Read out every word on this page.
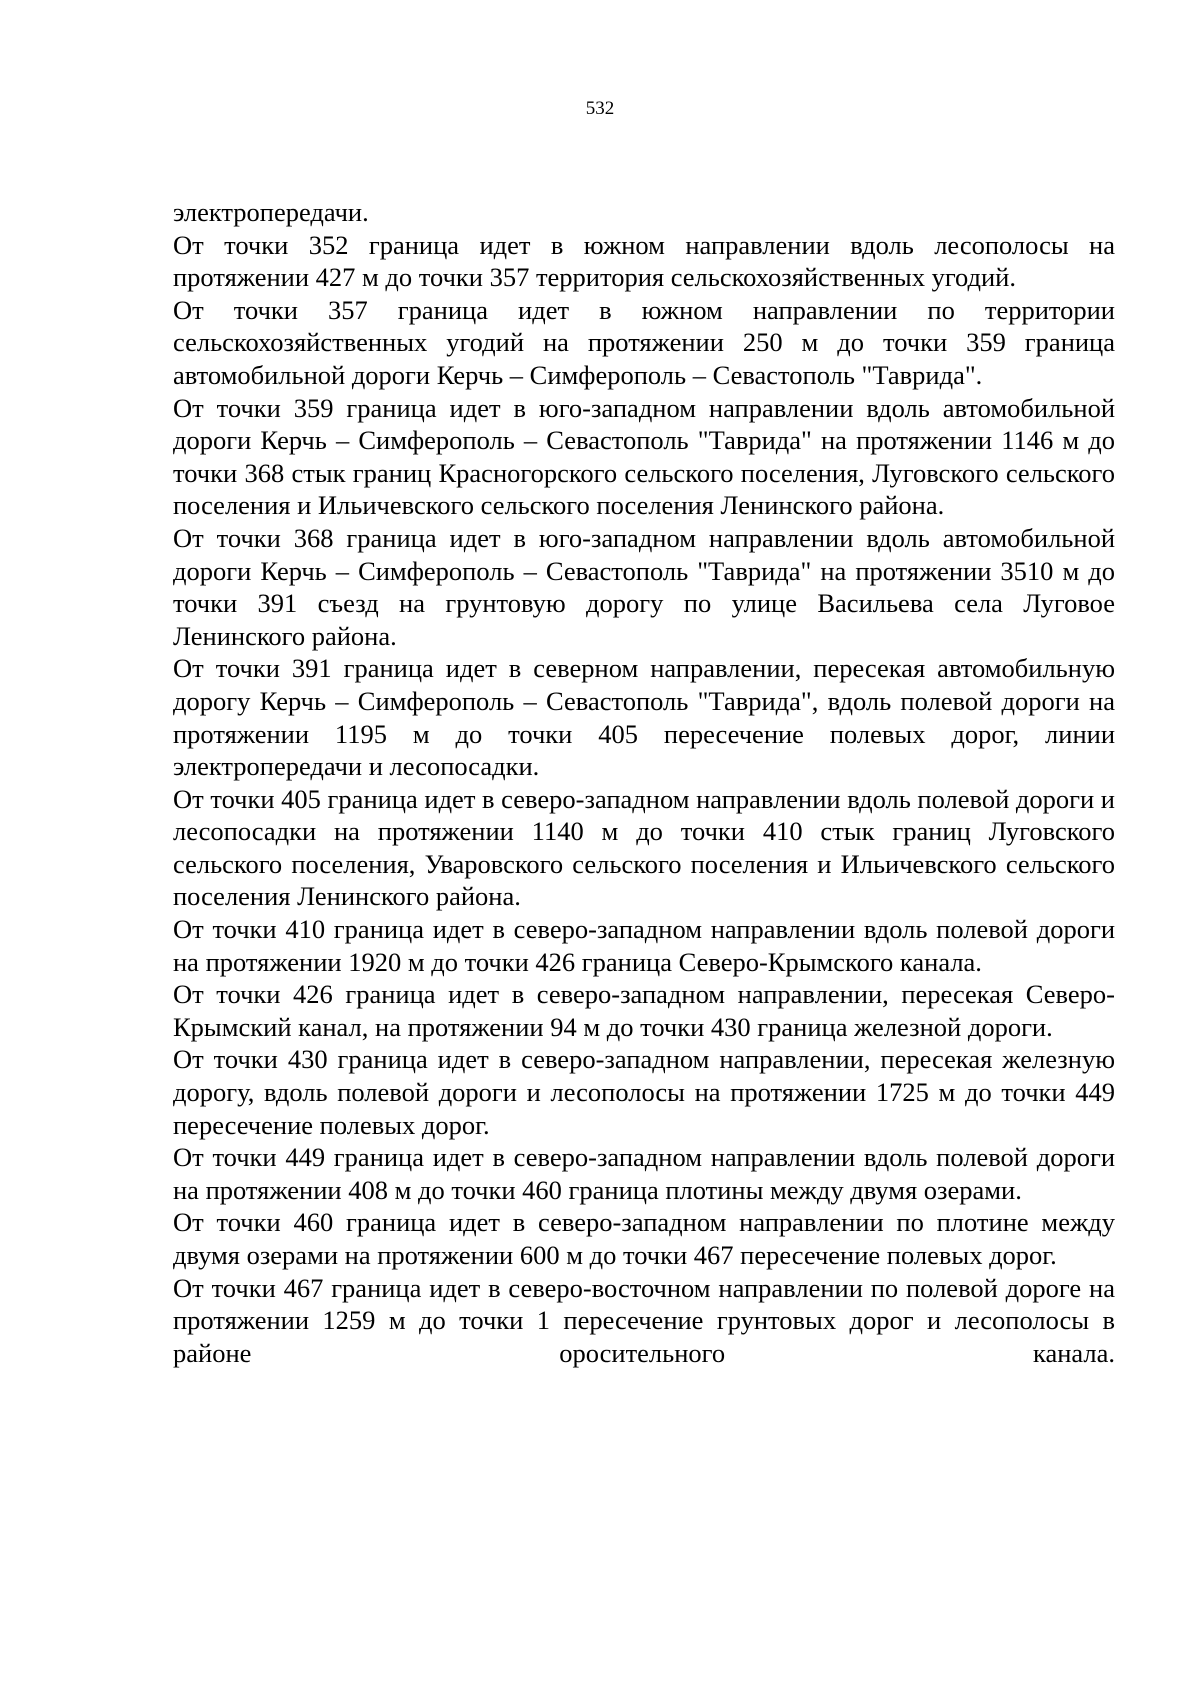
532

электропередачи.

От точки 352 граница идет в южном направлении вдоль лесополосы на протяжении 427 м до точки 357 территория сельскохозяйственных угодий.

От точки 357 граница идет в южном направлении по территории сельскохозяйственных угодий на протяжении 250 м до точки 359 граница автомобильной дороги Керчь – Симферополь – Севастополь "Таврида".

От точки 359 граница идет в юго-западном направлении вдоль автомобильной дороги Керчь – Симферополь – Севастополь "Таврида" на протяжении 1146 м до точки 368 стык границ Красногорского сельского поселения, Луговского сельского поселения и Ильичевского сельского поселения Ленинского района.

От точки 368 граница идет в юго-западном направлении вдоль автомобильной дороги Керчь – Симферополь – Севастополь "Таврида" на протяжении 3510 м до точки 391 съезд на грунтовую дорогу по улице Васильева села Луговое Ленинского района.

От точки 391 граница идет в северном направлении, пересекая автомобильную дорогу Керчь – Симферополь – Севастополь "Таврида", вдоль полевой дороги на протяжении 1195 м до точки 405 пересечение полевых дорог, линии электропередачи и лесопосадки.

От точки 405 граница идет в северо-западном направлении вдоль полевой дороги и лесопосадки на протяжении 1140 м до точки 410 стык границ Луговского сельского поселения, Уваровского сельского поселения и Ильичевского сельского поселения Ленинского района.

От точки 410 граница идет в северо-западном направлении вдоль полевой дороги на протяжении 1920 м до точки 426 граница Северо-Крымского канала.

От точки 426 граница идет в северо-западном направлении, пересекая Северо-Крымский канал, на протяжении 94 м до точки 430 граница железной дороги.

От точки 430 граница идет в северо-западном направлении, пересекая железную дорогу, вдоль полевой дороги и лесополосы на протяжении 1725 м до точки 449 пересечение полевых дорог.

От точки 449 граница идет в северо-западном направлении вдоль полевой дороги на протяжении 408 м до точки 460 граница плотины между двумя озерами.

От точки 460 граница идет в северо-западном направлении по плотине между двумя озерами на протяжении 600 м до точки 467 пересечение полевых дорог.

От точки 467 граница идет в северо-восточном направлении по полевой дороге на протяжении 1259 м до точки 1 пересечение грунтовых дорог и лесополосы в районе оросительного канала.
